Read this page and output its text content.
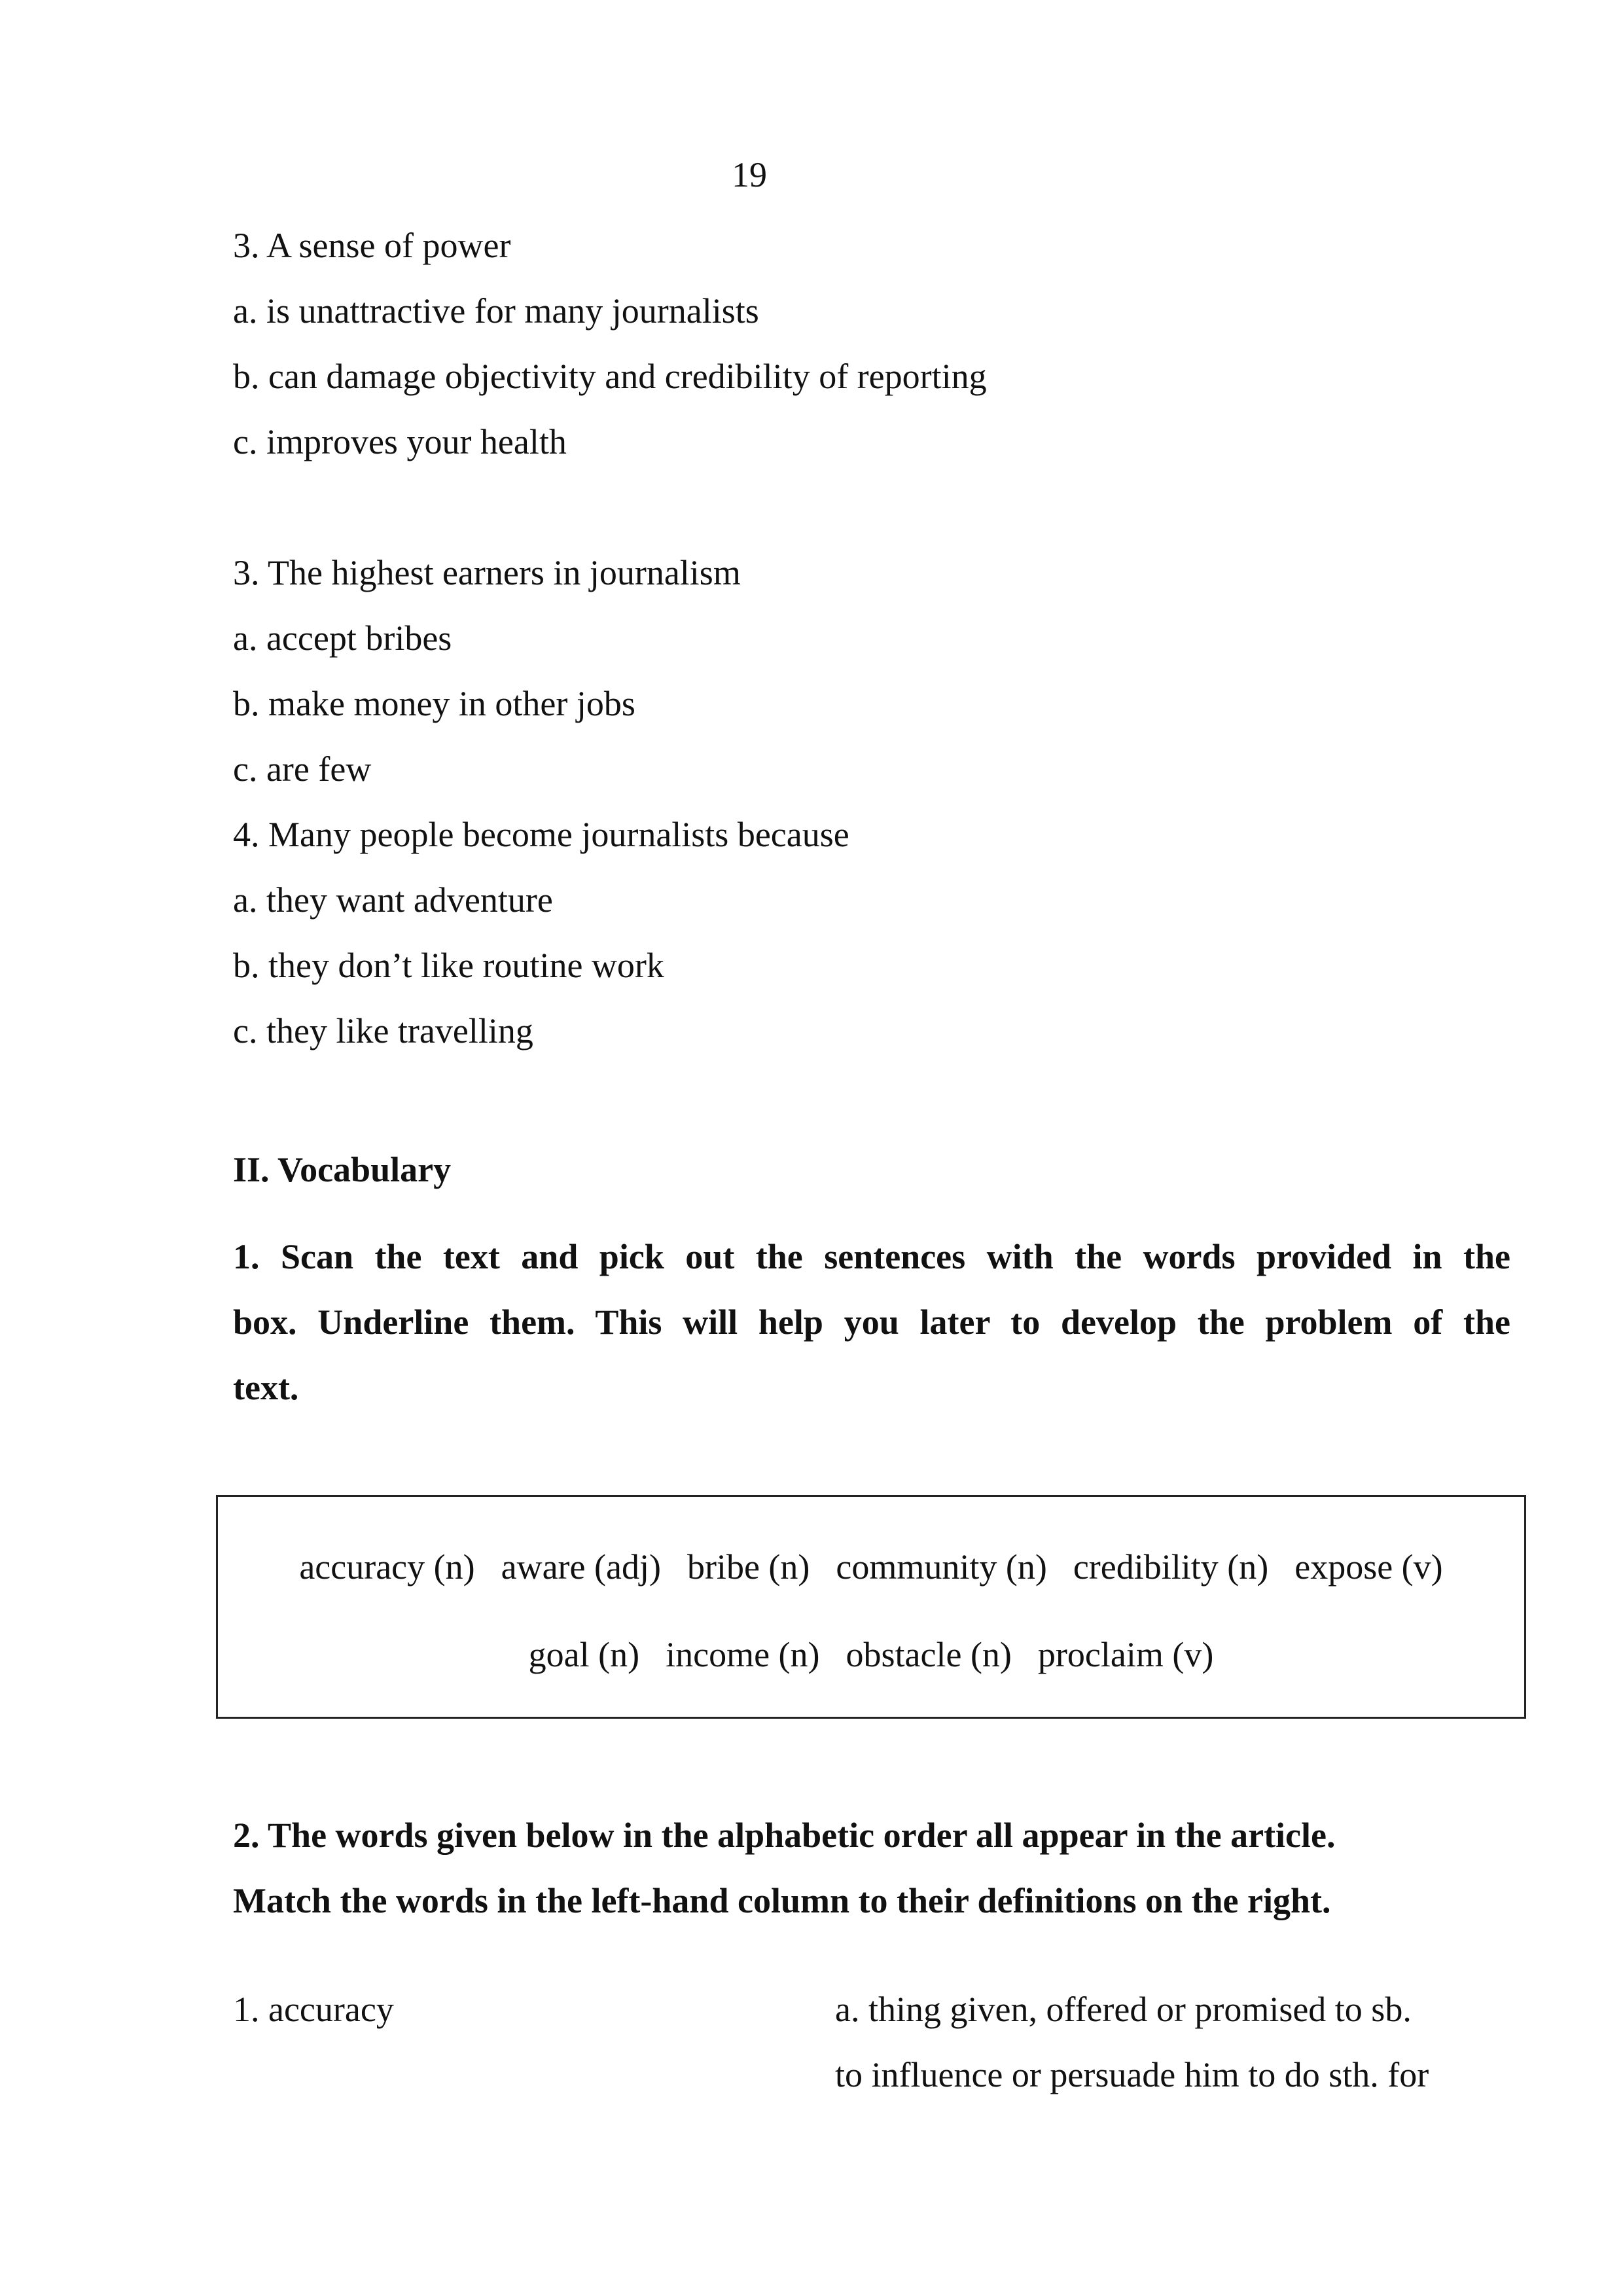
19
3. A sense of power
a. is unattractive for many journalists
b. can damage objectivity and credibility of reporting
c. improves your health
3. The highest earners in journalism
a. accept bribes
b. make money in other jobs
c. are few
4. Many people become journalists because
a. they want adventure
b. they don’t like routine work
c. they like travelling
II. Vocabulary
1. Scan the text and pick out the sentences with the words provided in the
box. Underline them. This will help you later to develop the problem of the
text.
accuracy (n) aware (adj) bribe (n) community (n) credibility (n) expose (v)
goal (n) income (n) obstacle (n) proclaim (v)
2. The words given below in the alphabetic order all appear in the article.
Match the words in the left-hand column to their definitions on the right.
1. accuracy	a. thing given, offered or promised to sb.
to influence or persuade him to do sth. for
